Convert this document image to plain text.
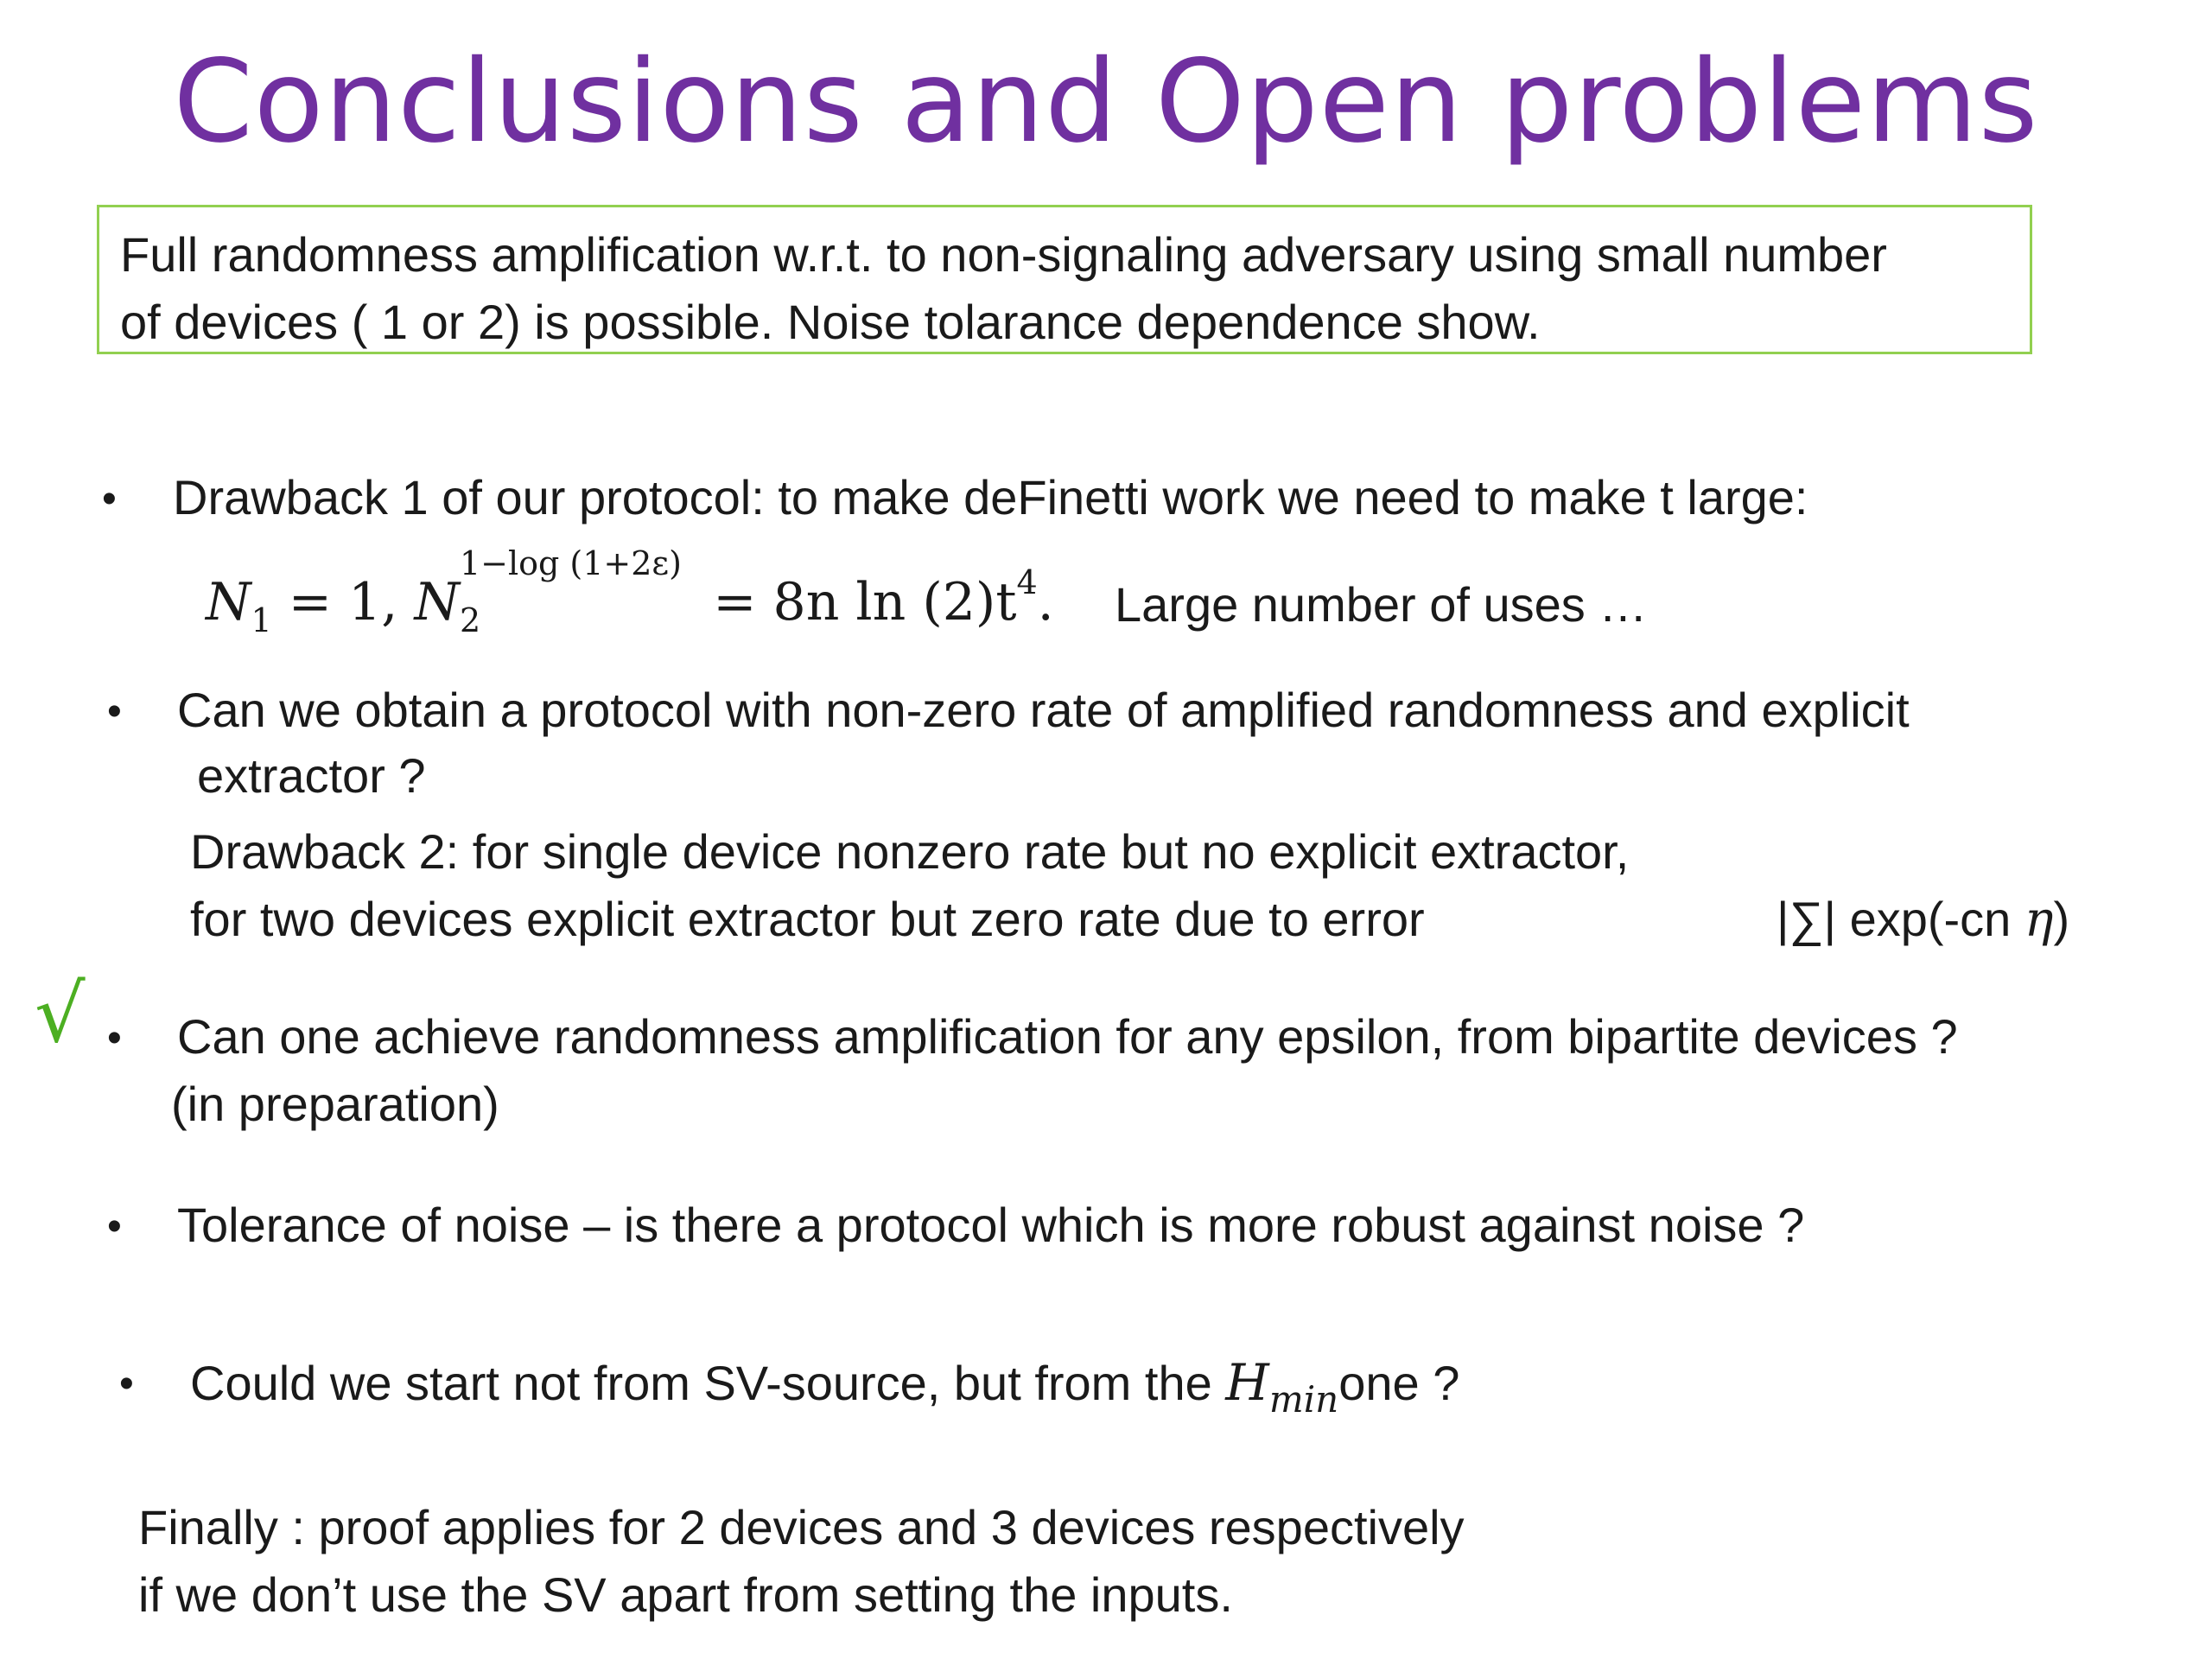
Conclusions and Open problems
Full randomness amplification w.r.t. to non-signaling adversary using small number
of devices ( 1 or 2) is possible. Noise tolarance dependence show.
• Drawback 1 of our protocol: to make deFinetti work we need to make t large:
$N_1 = 1$, $N_2$
1−log (1+2ε)
= 8n $\ln (2)t^4$. Large number of uses …
• Can we obtain a protocol with non-zero rate of amplified randomness and explicit
extractor ?
Drawback 2: for single device nonzero rate but no explicit extractor,
for two devices explicit extractor but zero rate due to error	|∑| exp(-cn η)
√ • Can one achieve randomness amplification for any epsilon, from bipartite devices ?
(in preparation)
• Tolerance of noise – is there a protocol which is more robust against noise ?
• Could we start not from SV-source, but from the $H_{min}one$ ?
Finally : proof applies for 2 devices and 3 devices respectively
if we don’t use the SV apart from setting the inputs.
